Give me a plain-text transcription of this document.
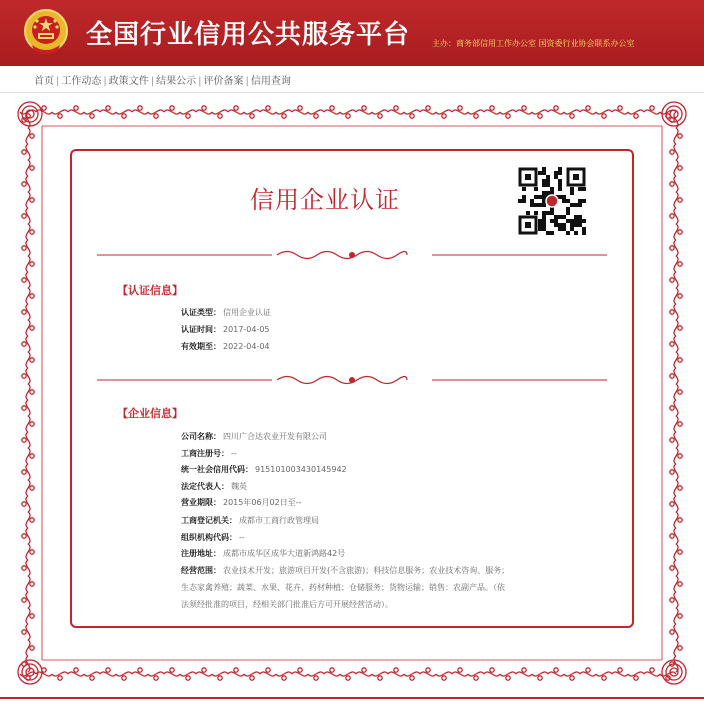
全国行业信用公共服务平台	主办：商务部信用工作办公室 国资委行业协会联系办公室
首页 | 工作动态 | 政策文件 | 结果公示 | 评价备案 | 信用查询
信用企业认证
【认证信息】
认证类型： 信用企业认证
认证时间： 2017-04-05
有效期至： 2022-04-04
【企业信息】
公司名称： 四川广合达农业开发有限公司
工商注册号： --
统一社会信用代码： 915101003430145942
法定代表人： 魏英
营业期限： 2015年06月02日至--
工商登记机关： 成都市工商行政管理局
组织机构代码： --
注册地址： 成都市成华区成华大道新鸿路42号
经营范围： 农业技术开发；旅游项目开发(不含旅游)；科技信息服务；农业技术咨询、服务；
生态家禽养殖；蔬菜、水果、花卉、药材种植；仓储服务；货物运输；销售：农副产品。（依
法须经批准的项目，经相关部门批准后方可开展经营活动）。
